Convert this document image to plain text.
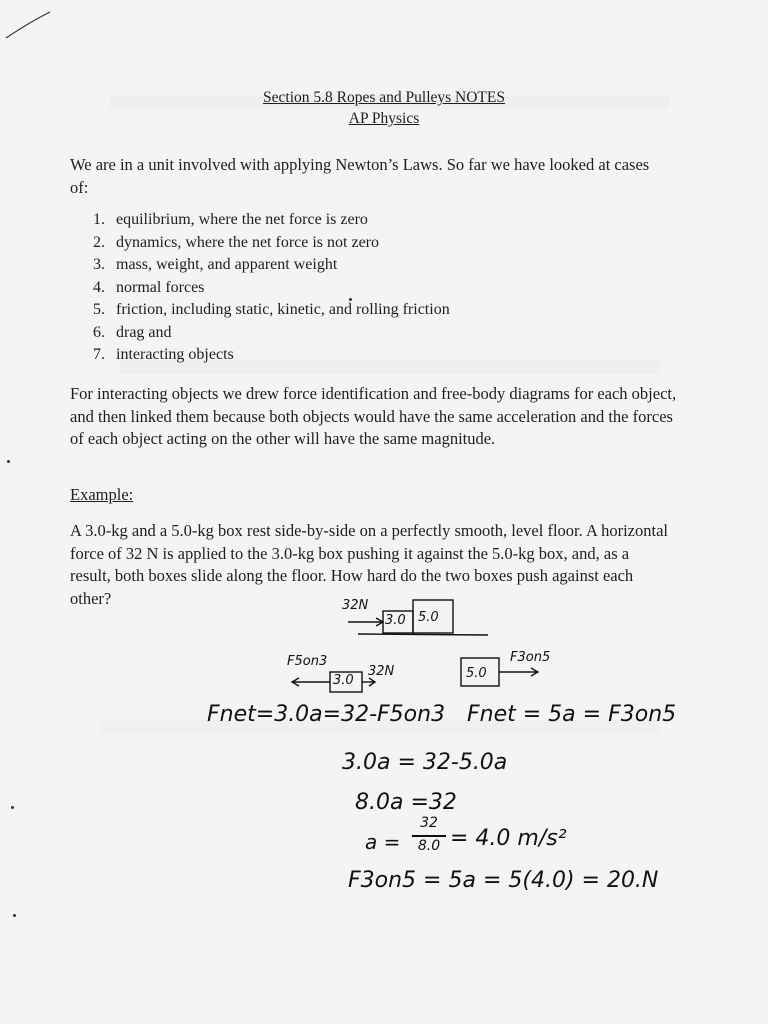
Section 5.8 Ropes and Pulleys NOTES
AP Physics
We are in a unit involved with applying Newton’s Laws. So far we have looked at cases of:
1. equilibrium, where the net force is zero
2. dynamics, where the net force is not zero
3. mass, weight, and apparent weight
4. normal forces
5. friction, including static, kinetic, and rolling friction
6. drag and
7. interacting objects
For interacting objects we drew force identification and free-body diagrams for each object, and then linked them because both objects would have the same acceleration and the forces of each object acting on the other will have the same magnitude.
Example:
A 3.0-kg and a 5.0-kg box rest side-by-side on a perfectly smooth, level floor. A horizontal force of 32 N is applied to the 3.0-kg box pushing it against the 5.0-kg box, and, as a result, both boxes slide along the floor. How hard do the two boxes push against each other?	32N
3.0 5.0
F5on3
32N
3.0
F3on5
5.0
Fnet=3.0a=32-F5on3 Fnet = 5a = F3on5
3.0a = 32-5.0a
8.0a =32
a =
32
8.0 = 4.0 m/s²
F3on5 = 5a = 5(4.0) = 20.N
